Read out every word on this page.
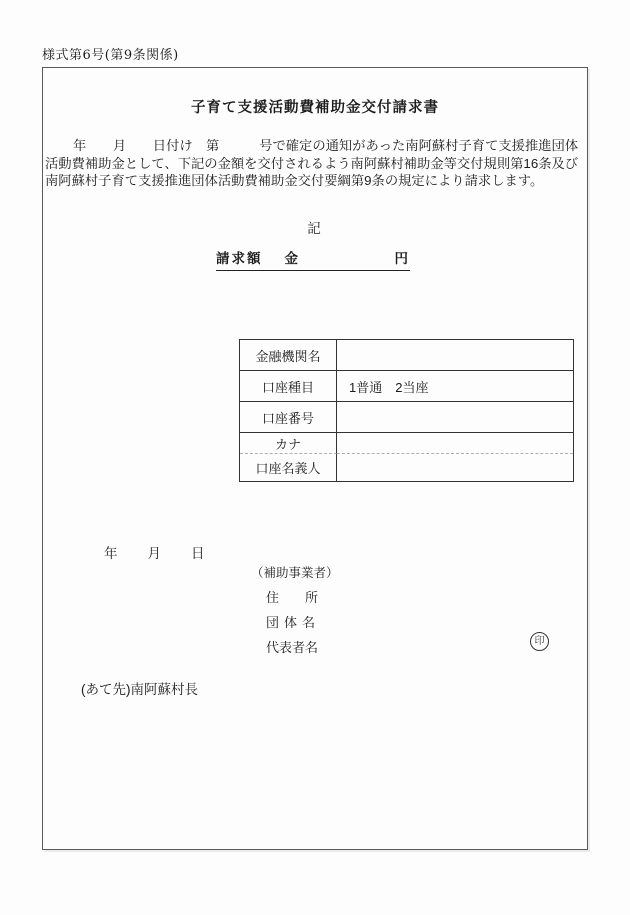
様式第6号(第9条関係)
子育て支援活動費補助金交付請求書
年　　月　　日付け　第　　　号で確定の通知があった南阿蘇村子育て支援推進団体
活動費補助金として、下記の金額を交付されるよう南阿蘇村補助金等交付規則第16条及び
南阿蘇村子育て支援推進団体活動費補助金交付要綱第9条の規定により請求します。
記
請求額 金	円
金融機関名	
口座種目	1普通　2当座
口座番号	
カナ	
口座名義人	
年　　月　　日
（補助事業者）
住　　所
団体名
代表者名	印
(あて先)南阿蘇村長
